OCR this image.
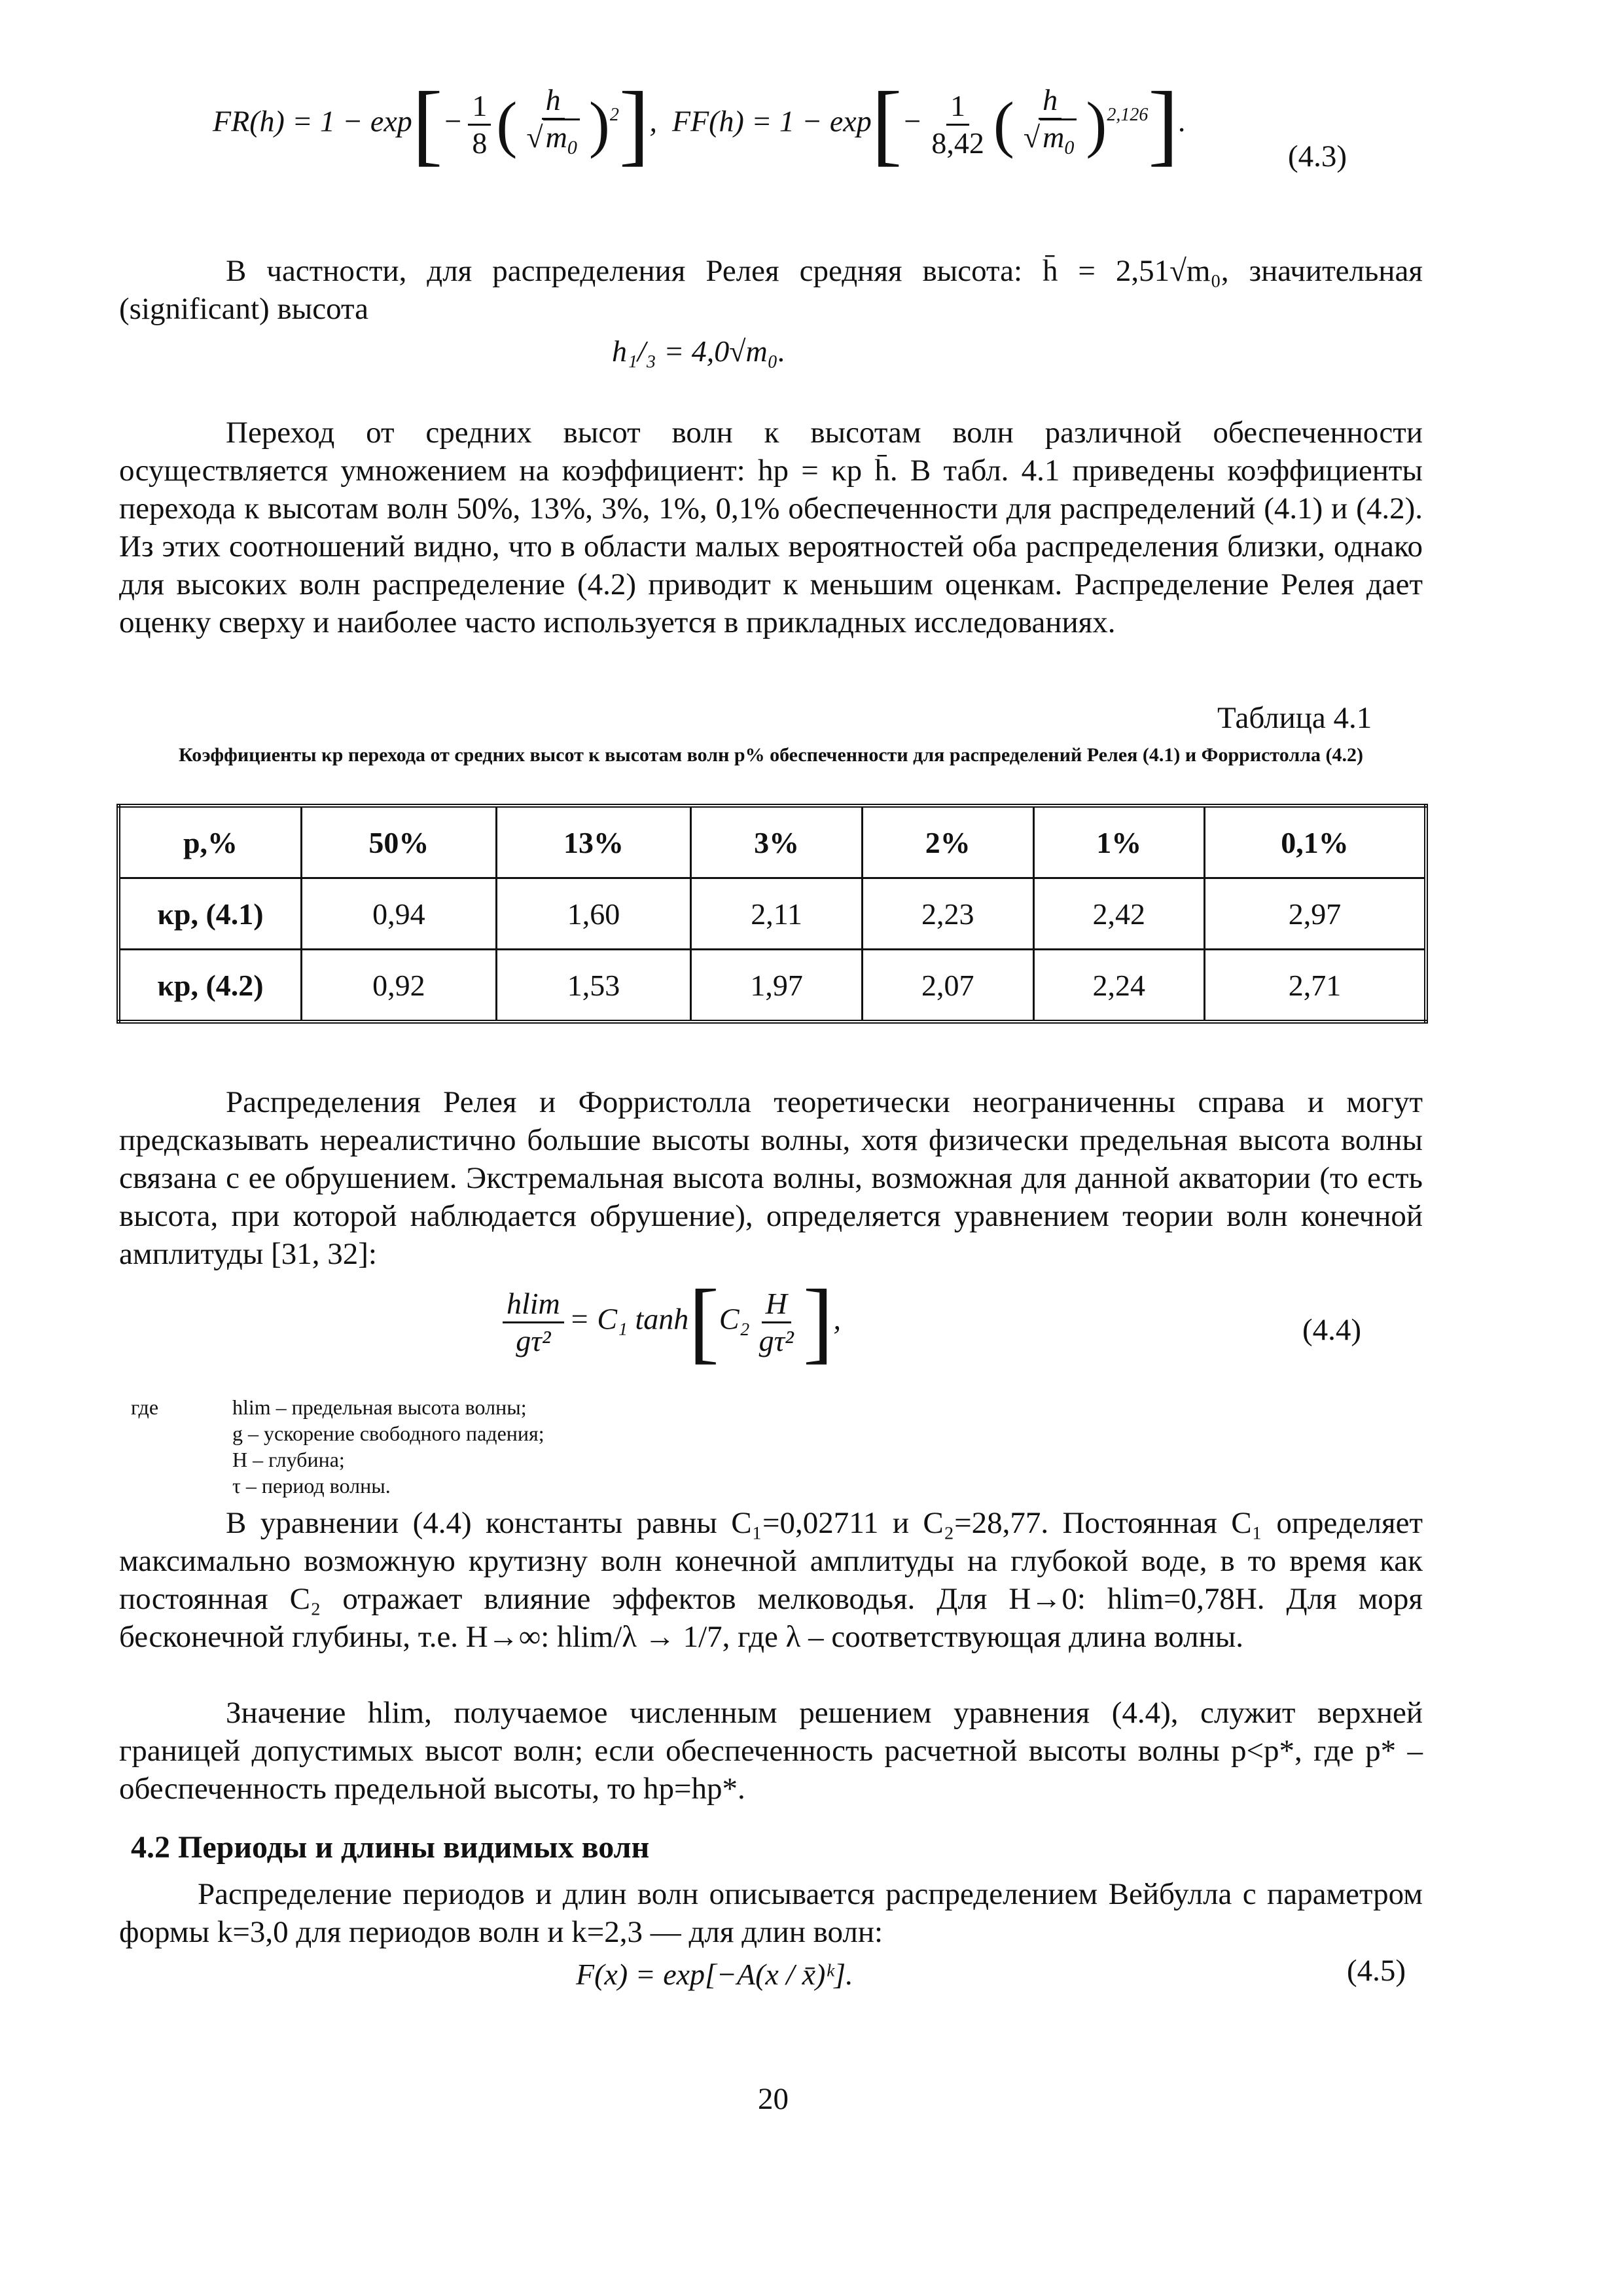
$FR(h) = 1 - \exp[- \frac{1}{8}$ ( $\frac{h}{√m_0} )^2$],  $FF(h) = 1 - \exp[- \frac{1}{8,42}$ ( $\frac{h}{√m_0} )^{2,126}$].
(4.3)

В частности, для распределения Релея средняя высота: h̄ = 2,51√m₀, значительная (significant) высота

h₁/₃ = 4,0√m₀.

Переход от средних высот волн к высотам волн различной обеспеченности осуществляется умножением на коэффициент: hp = κp h̄. В табл. 4.1 приведены коэффициенты перехода к высотам волн 50%, 13%, 3%, 1%, 0,1% обеспеченности для распределений (4.1) и (4.2). Из этих соотношений видно, что в области малых вероятностей оба распределения близки, однако для высоких волн распределение (4.2) приводит к меньшим оценкам. Распределение Релея дает оценку сверху и наиболее часто используется в прикладных исследованиях.

Таблица 4.1
Коэффициенты κp перехода от средних высот к высотам волн р% обеспеченности для распределений Релея (4.1) и Форристолла (4.2)
p,%	50%	13%	3%	2%	1%	0,1%
κp, (4.1)	0,94	1,60	2,11	2,23	2,42	2,97
κp, (4.2)	0,92	1,53	1,97	2,07	2,24	2,71

Распределения Релея и Форристолла теоретически неограниченны справа и могут предсказывать нереалистично большие высоты волны, хотя физически предельная высота волны связана с ее обрушением. Экстремальная высота волны, возможная для данной акватории (то есть высота, при которой наблюдается обрушение), определяется уравнением теории волн конечной амплитуды [31, 32]:

$\frac{hlim}{\text{gτ²}} = C_1$ $\tanh[C_2 \frac{H}{\text{gτ²}}$ ],	(4.4)
где	hlim – предельная высота волны;
g – ускорение свободного падения;
H – глубина;
τ – период волны.

В уравнении (4.4) константы равны C₁=0,02711 и C₂=28,77. Постоянная C₁ определяет максимально возможную крутизну волн конечной амплитуды на глубокой воде, в то время как постоянная C₂ отражает влияние эффектов мелководья. Для H→0: hlim=0,78H. Для моря бесконечной глубины, т.е. H→∞: hlim/λ → 1/7, где λ – соответствующая длина волны.

Значение hlim, получаемое численным решением уравнения (4.4), служит верхней границей допустимых высот волн; если обеспеченность расчетной высоты волны p<p*, где p* – обеспеченность предельной высоты, то hp=hp*.

4.2 Периоды и длины видимых волн

Распределение периодов и длин волн описывается распределением Вейбулла с параметром формы k=3,0 для периодов волн и k=2,3 — для длин волн:

F(x) = exp[−A(x / x̄)ᵏ].	(4.5)
20
